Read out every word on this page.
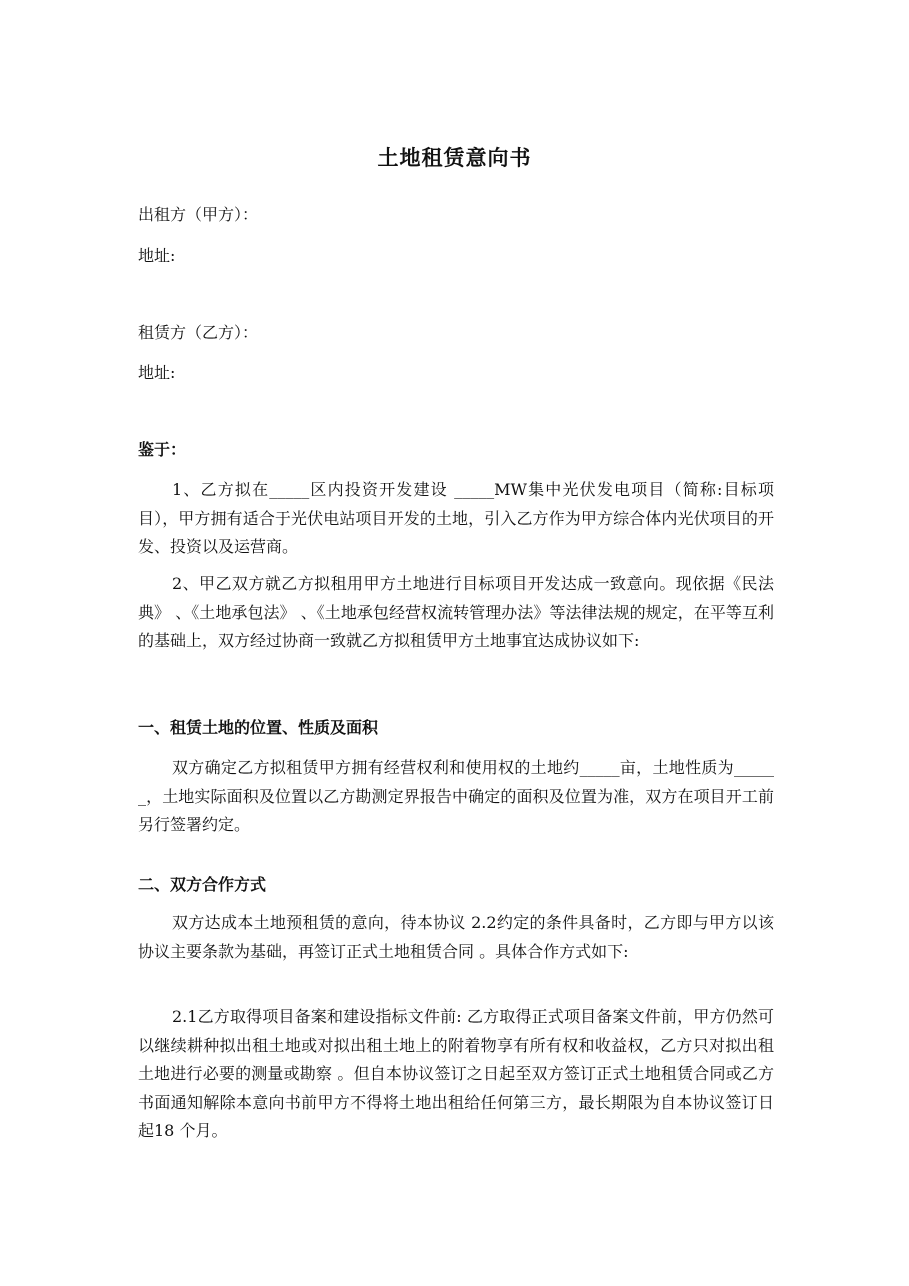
土地租赁意向书
出租方（甲方）：
地址:
租赁方（乙方）：
地址:
鉴于：
1、乙方拟在_____区内投资开发建设 _____MW集中光伏发电项目（简称:目标项目），甲方拥有适合于光伏电站项目开发的土地，引入乙方作为甲方综合体内光伏项目的开发、投资以及运营商。
2、甲乙双方就乙方拟租用甲方土地进行目标项目开发达成一致意向。现依据《民法典》 、《土地承包法》 、《土地承包经营权流转管理办法》等法律法规的规定，在平等互利的基础上，双方经过协商一致就乙方拟租赁甲方土地事宜达成协议如下:
一、租赁土地的位置、性质及面积
双方确定乙方拟租赁甲方拥有经营权利和使用权的土地约_____亩，土地性质为______，土地实际面积及位置以乙方勘测定界报告中确定的面积及位置为准，双方在项目开工前另行签署约定。
二、双方合作方式
双方达成本土地预租赁的意向，待本协议 2.2约定的条件具备时，乙方即与甲方以该协议主要条款为基础，再签订正式土地租赁合同 。具体合作方式如下:
2.1乙方取得项目备案和建设指标文件前: 乙方取得正式项目备案文件前，甲方仍然可以继续耕种拟出租土地或对拟出租土地上的附着物享有所有权和收益权，乙方只对拟出租土地进行必要的测量或勘察 。但自本协议签订之日起至双方签订正式土地租赁合同或乙方书面通知解除本意向书前甲方不得将土地出租给任何第三方，最长期限为自本协议签订日起18 个月。
